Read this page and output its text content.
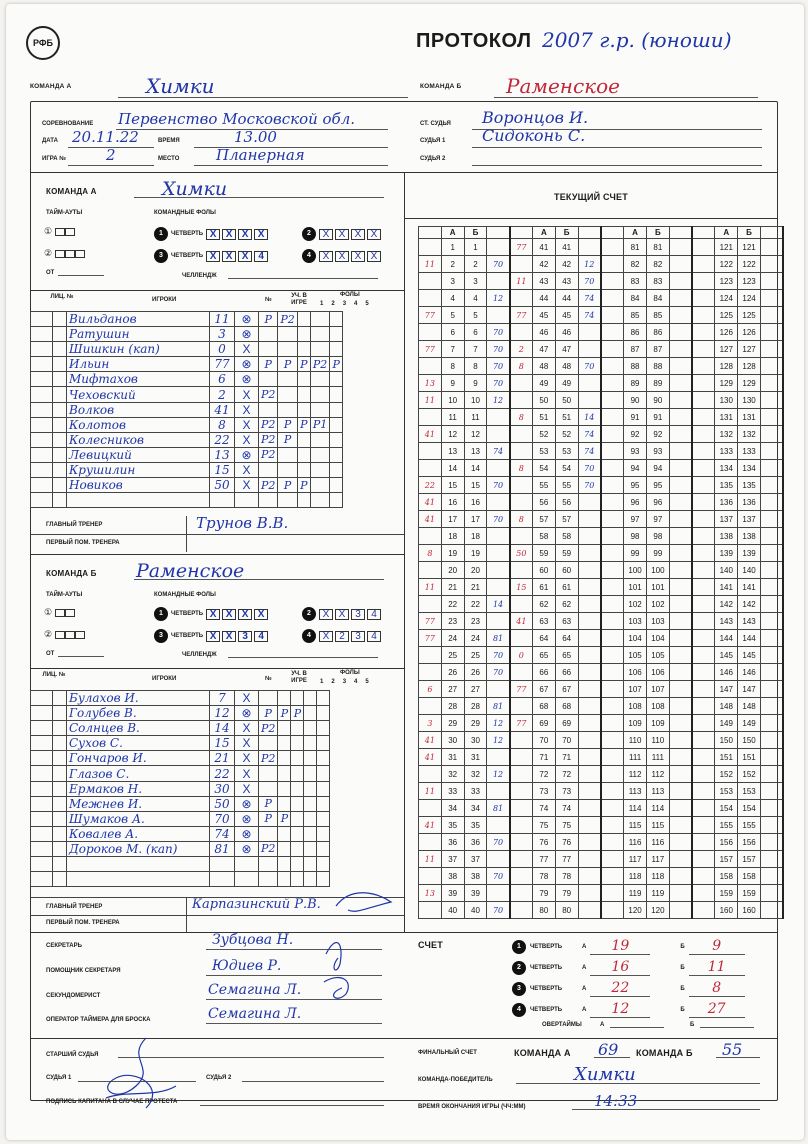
РФБ	ПРОТОКОЛ 2007 г.р. (юноши)
КОМАНДА А	Химки	КОМАНДА Б Раменское
СОРЕВНОВАНИЕ Первенство Московской обл.
ДАТА 20.11.22	ВРЕМЯ	13.00
ИГРА №	2	МЕСТО Планерная
СТ. СУДЬЯ Воронцов И.
СУДЬЯ 1 Сидоконь С.
СУДЬЯ 2
КОМАНДА А	Химки
ТАЙМ-АУТЫ	КОМАНДНЫЕ ФОЛЫ
①
②
ОТ
1	ЧЕТВЕРТЬ X X X X	2	X X X X
3	ЧЕТВЕРТЬ X X X 4	4	X X X X
ЧЕЛЛЕНДЖ
ЛИЦ. №	ИГРОКИ	№
УЧ. В ИГРЕ
ФОЛЫ
1 2 3 4 5
		Вильданов	11	⊗	P	P2			
		Ратушин	3	⊗					
		Шишкин (кап)	0	X					
		Ильин	77	⊗	P	P	P	P2	P
		Мифтахов	6	⊗					
		Чеховский	2	X	P2				
		Волков	41	X					
		Колотов	8	X	P2	P	P	P1	
		Колесников	22	X	P2	P			
		Левицкий	13	⊗	P2				
		Крушилин	15	X					
		Новиков	50	X	P2	P	P		

ГЛАВНЫЙ ТРЕНЕР	Трунов В.В.
ПЕРВЫЙ ПОМ. ТРЕНЕРА
КОМАНДА Б Раменское
ТАЙМ-АУТЫ	КОМАНДНЫЕ ФОЛЫ
①
②
ОТ
1	ЧЕТВЕРТЬ X X X X	2	X X 3	4
3	ЧЕТВЕРТЬ X X 3	4	4	X 2	3	4
ЧЕЛЛЕНДЖ
ЛИЦ. №
ИГРОКИ	№
УЧ. В ИГРЕ
ФОЛЫ
1 2 3 4 5
		Булахов И.	7	X					
		Голубев В.	12	⊗	P	P	P		
		Солнцев В.	14	X	P2				
		Сухов С.	15	X					
		Гончаров И.	21	X	P2				
		Глазов С.	22	X					
		Ермаков Н.	30	X					
		Межнев И.	50	⊗	P				
		Шумаков А.	70	⊗	P	P			
		Ковалев А.	74	⊗					
		Дороков М. (кап)	81	⊗	P2				

ГЛАВНЫЙ ТРЕНЕР	Карпазинский Р.В.
ПЕРВЫЙ ПОМ. ТРЕНЕРА
ТЕКУЩИЙ СЧЕТ
	А	Б			А	Б			А	Б			А	Б	
	1	1		77	41	41			81	81			121	121	
11	2	2	70		42	42	12		82	82			122	122	
	3	3		11	43	43	70		83	83			123	123	
	4	4	12		44	44	74		84	84			124	124	
77	5	5		77	45	45	74		85	85			125	125	
	6	6	70		46	46			86	86			126	126	
77	7	7	70	2	47	47			87	87			127	127	
	8	8	70	8	48	48	70		88	88			128	128	
13	9	9	70		49	49			89	89			129	129	
11	10	10	12		50	50			90	90			130	130	
	11	11		8	51	51	14		91	91			131	131	
41	12	12			52	52	74		92	92			132	132	
	13	13	74		53	53	74		93	93			133	133	
	14	14		8	54	54	70		94	94			134	134	
22	15	15	70		55	55	70		95	95			135	135	
41	16	16			56	56			96	96			136	136	
41	17	17	70	8	57	57			97	97			137	137	
	18	18			58	58			98	98			138	138	
8	19	19		50	59	59			99	99			139	139	
	20	20			60	60			100	100			140	140	
11	21	21		15	61	61			101	101			141	141	
	22	22	14		62	62			102	102			142	142	
77	23	23		41	63	63			103	103			143	143	
77	24	24	81		64	64			104	104			144	144	
	25	25	70	0	65	65			105	105			145	145	
	26	26	70		66	66			106	106			146	146	
6	27	27		77	67	67			107	107			147	147	
	28	28	81		68	68			108	108			148	148	
3	29	29	12	77	69	69			109	109			149	149	
41	30	30	12		70	70			110	110			150	150	
41	31	31			71	71			111	111			151	151	
	32	32	12		72	72			112	112			152	152	
11	33	33			73	73			113	113			153	153	
	34	34	81		74	74			114	114			154	154	
41	35	35			75	75			115	115			155	155	
	36	36	70		76	76			116	116			156	156	
11	37	37			77	77			117	117			157	157	
	38	38	70		78	78			118	118			158	158	
13	39	39			79	79			119	119			159	159	
	40	40	70		80	80			120	120			160	160	
СЧЕТ	1	ЧЕТВЕРТЬ	А	19	Б	9
2	ЧЕТВЕРТЬ	А	16	Б	11
3	ЧЕТВЕРТЬ	А	22	Б	8
4	ЧЕТВЕРТЬ	А	12	Б	27
ОВЕРТАЙМЫ	А	Б
СЕКРЕТАРЬ	Зубцова Н.
ПОМОЩНИК СЕКРЕТАРЯ	Юдиев Р.
СЕКУНДОМЕРИСТ	Семагина Л.
ОПЕРАТОР ТАЙМЕРА ДЛЯ БРОСКА	Семагина Л.
СТАРШИЙ СУДЬЯ
СУДЬЯ 1	СУДЬЯ 2
ПОДПИСЬ КАПИТАНА В СЛУЧАЕ ПРОТЕСТА
ФИНАЛЬНЫЙ СЧЕТ	КОМАНДА А 69 КОМАНДА Б 55
КОМАНДА-ПОБЕДИТЕЛЬ	Химки
ВРЕМЯ ОКОНЧАНИЯ ИГРЫ (ЧЧ:ММ)	14:33
